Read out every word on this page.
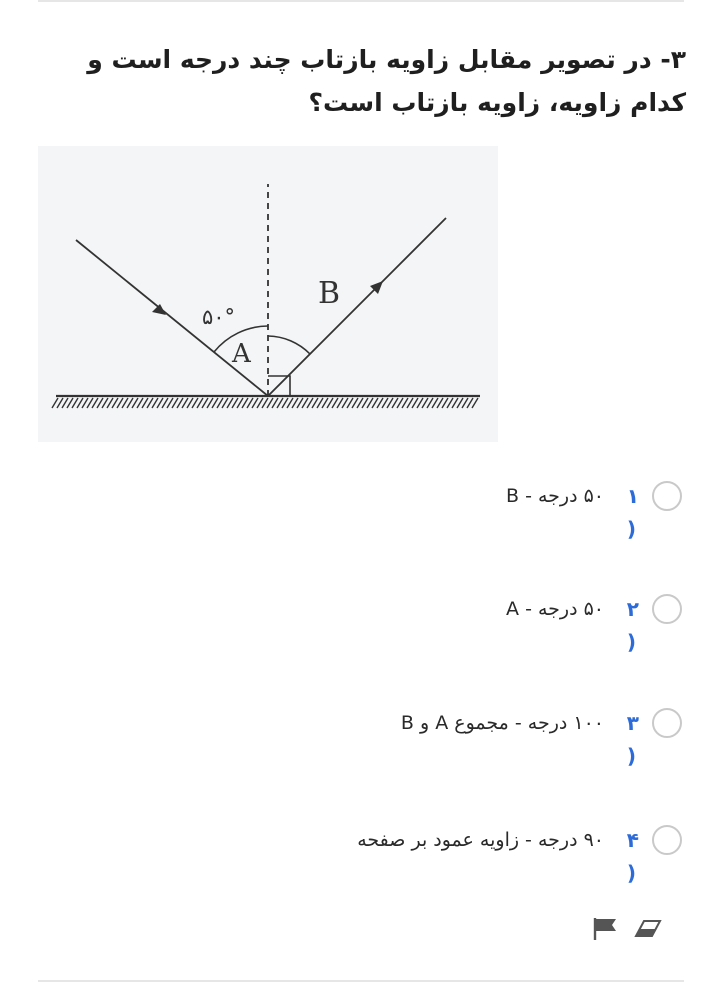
۳- در تصویر مقابل زاویه بازتاب چند درجه است و کدام زاویه، زاویه بازتاب است؟
۵۰°
A
B
۱
(
۵۰ درجه - B
۲
(
۵۰ درجه - A
۳
(
۱۰۰ درجه - مجموع A و B
۴
(
۹۰ درجه - زاویه عمود بر صفحه
